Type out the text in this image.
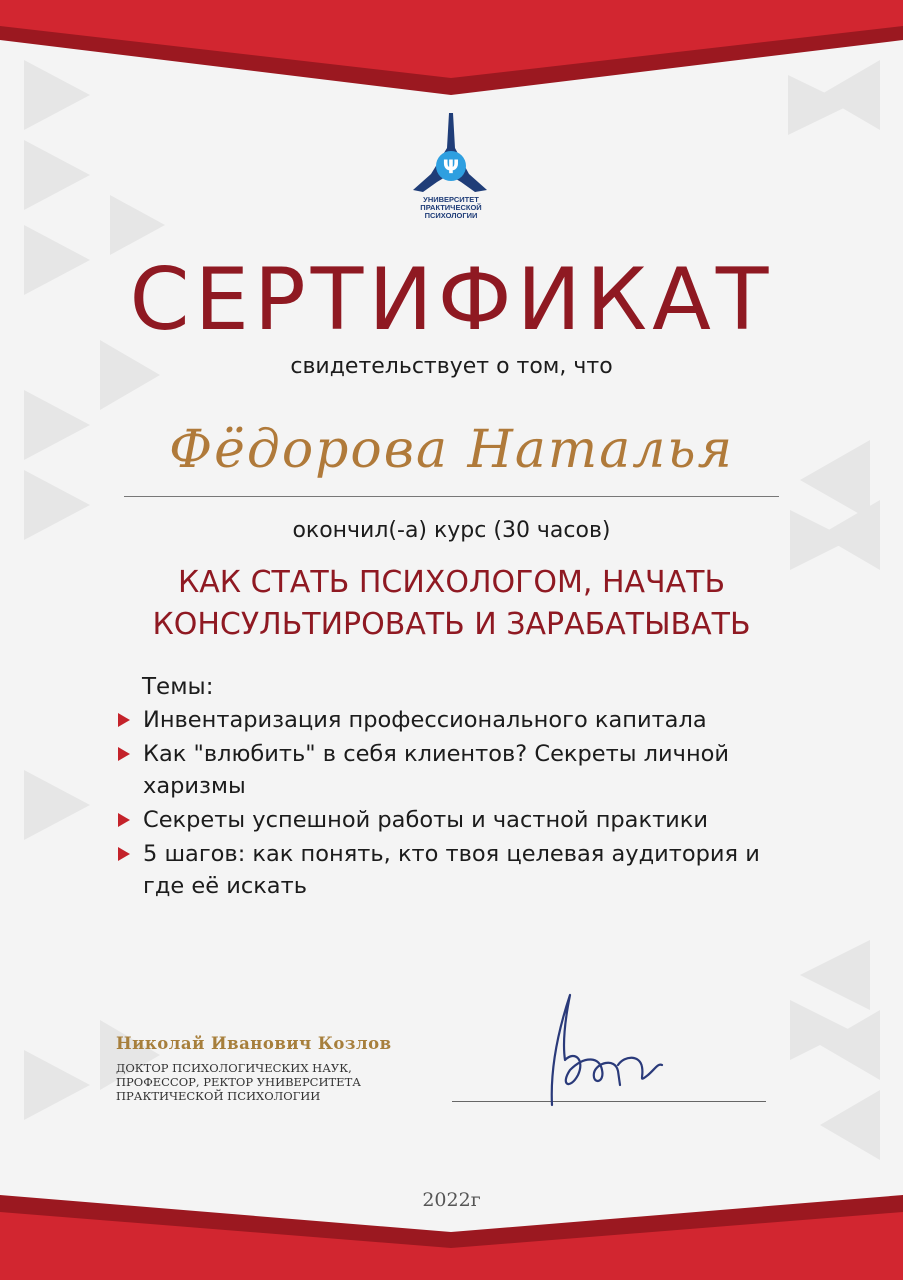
Ψ
УНИВЕРСИТЕТ
ПРАКТИЧЕСКОЙ
ПСИХОЛОГИИ
СЕРТИФИКАТ
свидетельствует о том, что
Фёдорова Наталья
окончил(-а) курс (30 часов)
КАК СТАТЬ ПСИХОЛОГОМ, НАЧАТЬ
КОНСУЛЬТИРОВАТЬ И ЗАРАБАТЫВАТЬ
Темы:
Инвентаризация профессионального капитала
Как "влюбить" в себя клиентов? Секреты личной харизмы
Секреты успешной работы и частной практики
5 шагов: как понять, кто твоя целевая аудитория и где её искать
Николай Иванович Козлов
ДОКТОР ПСИХОЛОГИЧЕСКИХ НАУК,
ПРОФЕССОР, РЕКТОР УНИВЕРСИТЕТА
ПРАКТИЧЕСКОЙ ПСИХОЛОГИИ
2022г
